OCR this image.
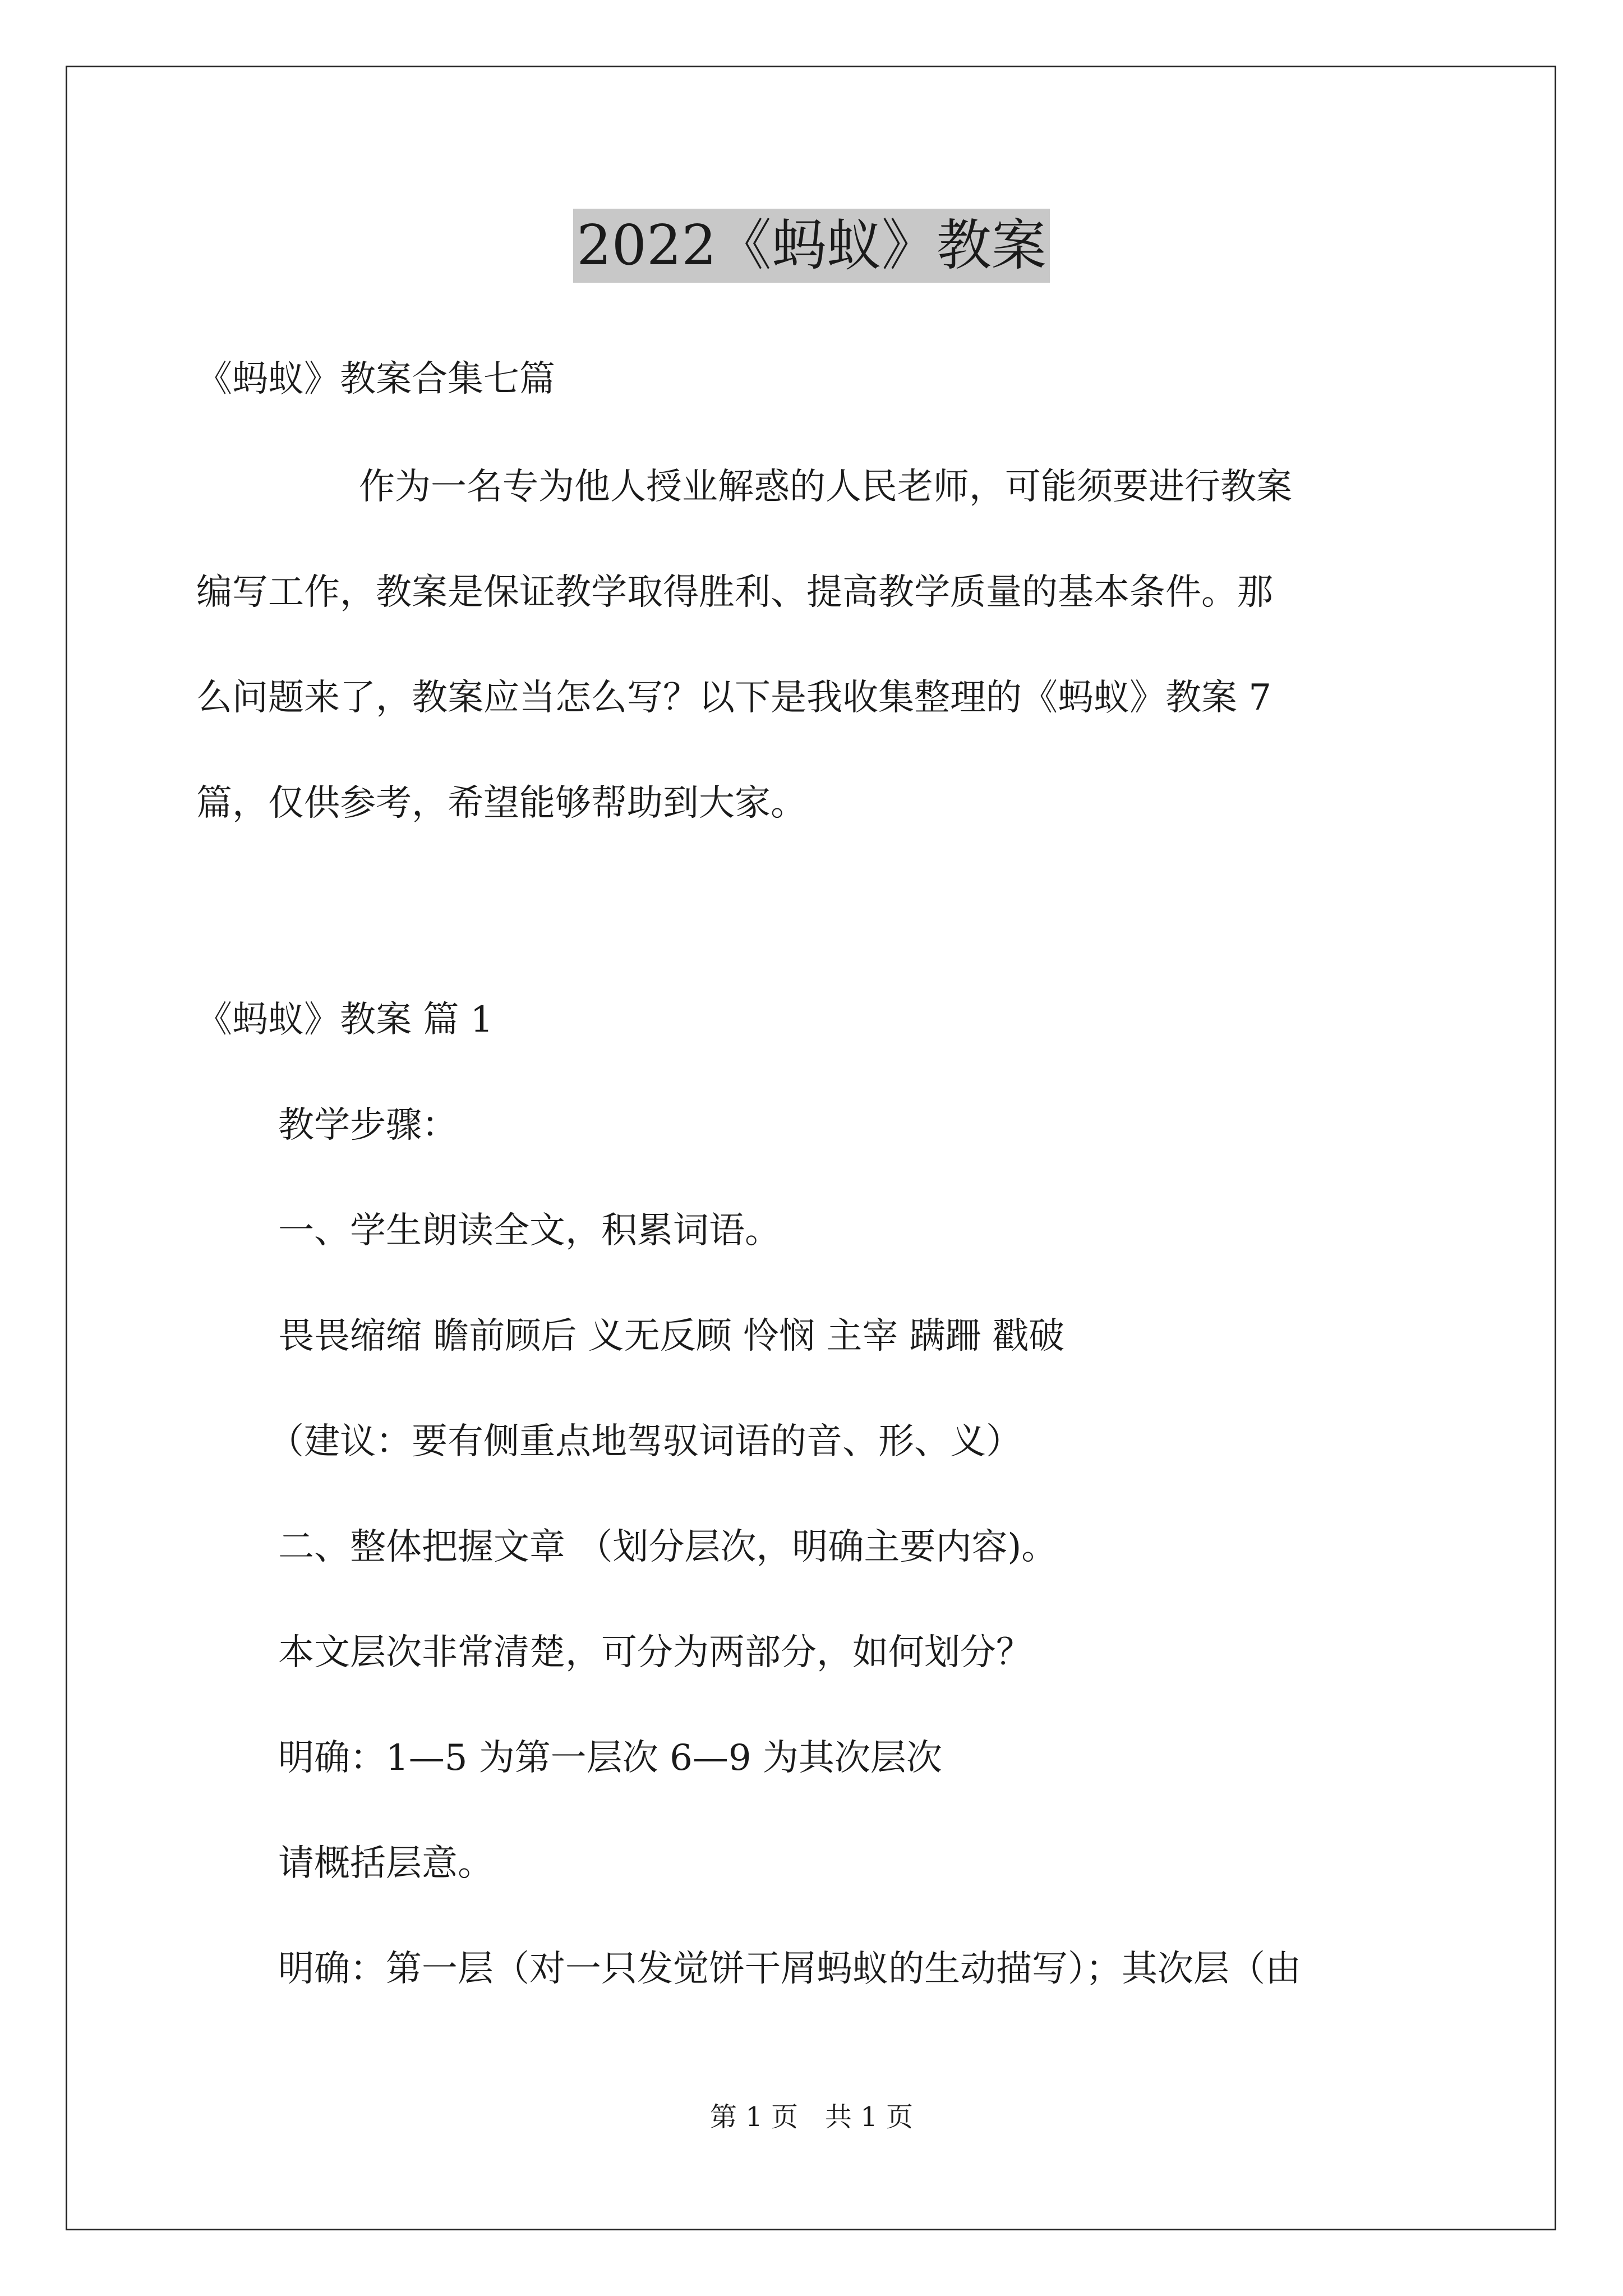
2022《蚂蚁》教案
《蚂蚁》教案合集七篇
作为一名专为他人授业解惑的人民老师，可能须要进行教案
编写工作，教案是保证教学取得胜利、提高教学质量的基本条件。那
么问题来了，教案应当怎么写？以下是我收集整理的《蚂蚁》教案 7
篇，仅供参考，希望能够帮助到大家。
《蚂蚁》教案 篇 1
教学步骤：
一、学生朗读全文，积累词语。
畏畏缩缩 瞻前顾后 义无反顾 怜悯 主宰 蹒跚 戳破
（建议：要有侧重点地驾驭词语的音、形、义）
二、整体把握文章 （划分层次，明确主要内容)。
本文层次非常清楚，可分为两部分，如何划分？
明确：1—5 为第一层次 6—9 为其次层次
请概括层意。
明确：第一层（对一只发觉饼干屑蚂蚁的生动描写）；其次层（由
第 1 页 共 1 页
